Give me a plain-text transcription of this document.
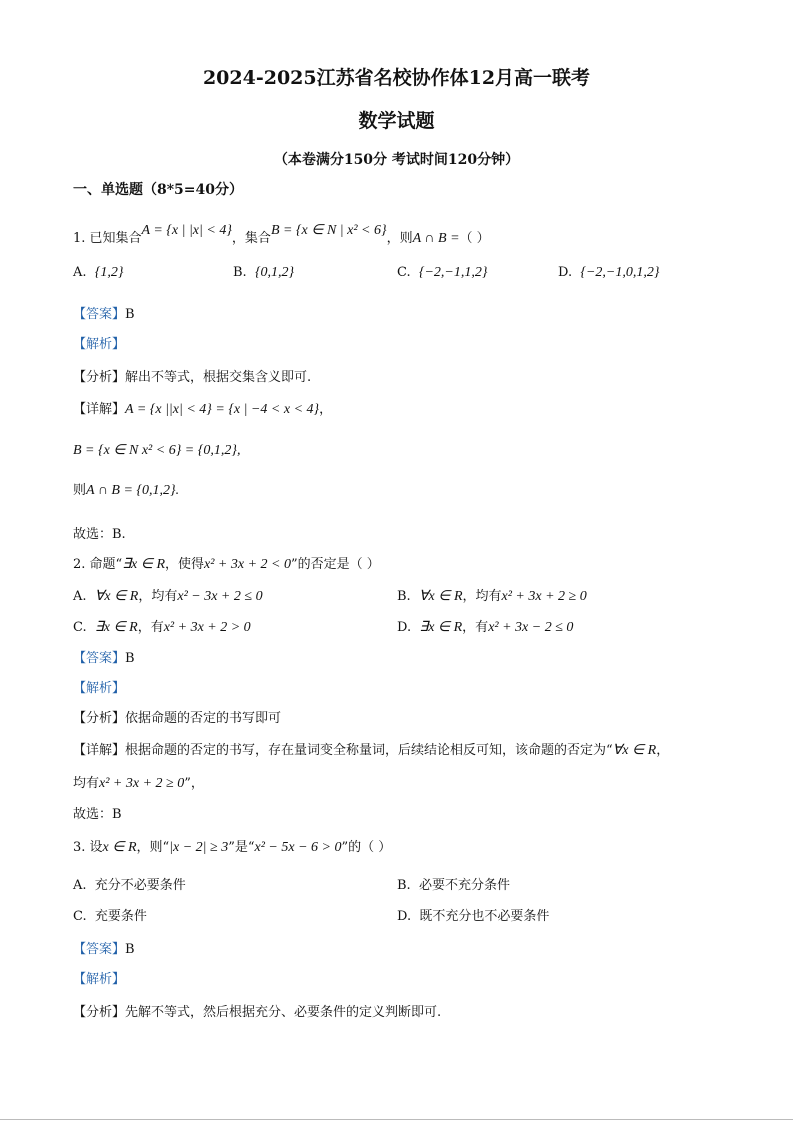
2024-2025江苏省名校协作体12月高一联考
数学试题
（本卷满分150分 考试时间120分钟）
一、单选题（8*5=40分）
1. 已知集合A = {x | |x| < 4}，集合B = {x ∈ N | x² < 6}，则A ∩ B =（ ）
A. {1,2}	B. {0,1,2}	C. {−2,−1,1,2}	D. {−2,−1,0,1,2}
【答案】B
【解析】
【分析】解出不等式，根据交集含义即可.
【详解】A = {x ||x| < 4} = {x | −4 < x < 4}，
B = {x ∈ N x² < 6} = {0,1,2},
则A ∩ B = {0,1,2}.
故选：B.
2. 命题“∃x ∈ R，使得x² + 3x + 2 < 0”的否定是（ ）
A. ∀x ∈ R，均有x² − 3x + 2 ≤ 0	B. ∀x ∈ R，均有x² + 3x + 2 ≥ 0
C. ∃x ∈ R，有x² + 3x + 2 > 0	D. ∃x ∈ R，有x² + 3x − 2 ≤ 0
【答案】B
【解析】
【分析】依据命题的否定的书写即可
【详解】根据命题的否定的书写，存在量词变全称量词，后续结论相反可知，该命题的否定为“∀x ∈ R，
均有x² + 3x + 2 ≥ 0”，
故选：B
3. 设x ∈ R，则“|x − 2| ≥ 3”是“x² − 5x − 6 > 0”的（ ）
A. 充分不必要条件	B. 必要不充分条件
C. 充要条件	D. 既不充分也不必要条件
【答案】B
【解析】
【分析】先解不等式，然后根据充分、必要条件的定义判断即可.
